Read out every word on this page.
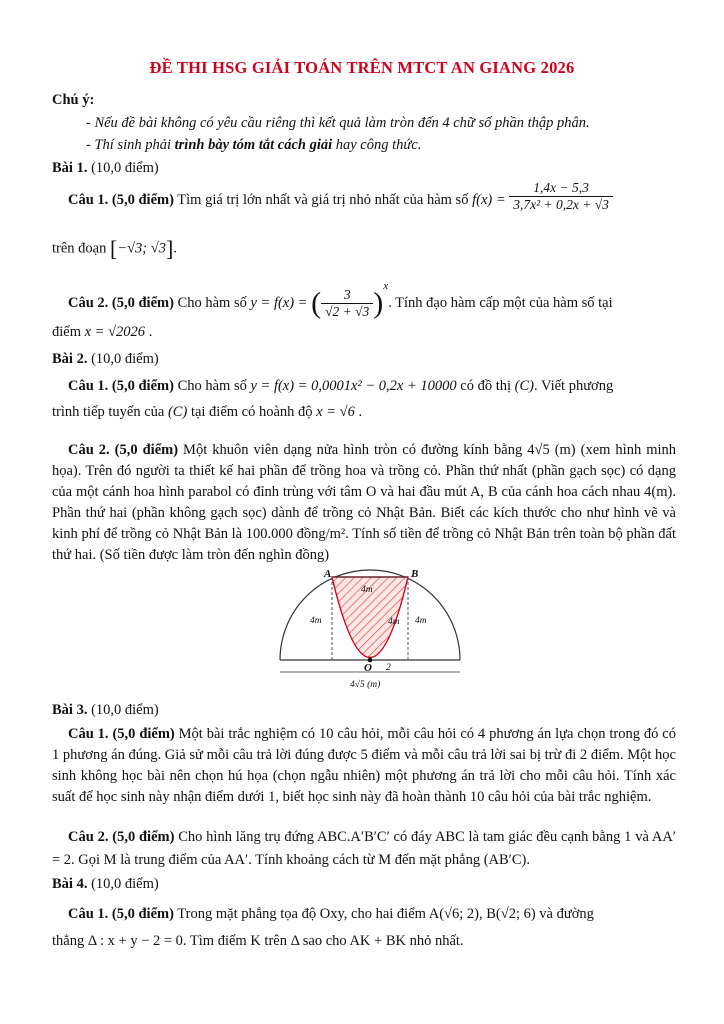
ĐỀ THI HSG GIẢI TOÁN TRÊN MTCT AN GIANG 2026
Chú ý:
- Nếu đề bài không có yêu cầu riêng thì kết quả làm tròn đến 4 chữ số phần thập phân.
- Thí sinh phải trình bày tóm tắt cách giải hay công thức.
Bài 1. (10,0 điểm)
Câu 1. (5,0 điểm) Tìm giá trị lớn nhất và giá trị nhỏ nhất của hàm số $f(x) = \frac{1,4x - 5,3}{\text{3,7x² + 0,2x + √3}}$
trên đoạn [−√3; √3].
Câu 2. (5,0 điểm) Cho hàm số y = f(x) = ( $\frac{3}{√2 + √3} )^x$. Tính đạo hàm cấp một của hàm số tại
điểm x = √2026 .
Bài 2. (10,0 điểm)
Câu 1. (5,0 điểm) Cho hàm số y = f(x) = 0,0001x² − 0,2x + 10000 có đồ thị (C). Viết phương
trình tiếp tuyến của (C) tại điểm có hoành độ x = √6 .
Câu 2. (5,0 điểm) Một khuôn viên dạng nửa hình tròn có đường kính bằng 4√5 (m) (xem hình minh họa). Trên đó người ta thiết kế hai phần để trồng hoa và trồng cỏ. Phần thứ nhất (phần gạch sọc) có dạng của một cánh hoa hình parabol có đỉnh trùng với tâm O và hai đầu mút A, B của cánh hoa cách nhau 4(m). Phần thứ hai (phần không gạch sọc) dành để trồng cỏ Nhật Bản. Biết các kích thước cho như hình vẽ và kinh phí để trồng cỏ Nhật Bản là 100.000 đồng/m². Tính số tiền để trồng cỏ Nhật Bản trên toàn bộ phần đất thứ hai. (Số tiền được làm tròn đến nghìn đồng)
A	B
O
4m
4m
4m	4m
2
4√5 (m)
Bài 3. (10,0 điểm)
Câu 1. (5,0 điểm) Một bài trắc nghiệm có 10 câu hỏi, mỗi câu hỏi có 4 phương án lựa chọn trong đó có 1 phương án đúng. Giả sử mỗi câu trả lời đúng được 5 điểm và mỗi câu trả lời sai bị trừ đi 2 điểm. Một học sinh không học bài nên chọn hú họa (chọn ngẫu nhiên) một phương án trả lời cho mỗi câu hỏi. Tính xác suất để học sinh này nhận điểm dưới 1, biết học sinh này đã hoàn thành 10 câu hỏi của bài trắc nghiệm.
Câu 2. (5,0 điểm) Cho hình lăng trụ đứng ABC.A′B′C′ có đáy ABC là tam giác đều cạnh bằng 1 và AA′ = 2. Gọi M là trung điểm của AA′. Tính khoảng cách từ M đến mặt phẳng (AB′C).
Bài 4. (10,0 điểm)
Câu 1. (5,0 điểm) Trong mặt phẳng tọa độ Oxy, cho hai điểm A(√6; 2), B(√2; 6) và đường
thẳng Δ : x + y − 2 = 0. Tìm điểm K trên Δ sao cho AK + BK nhỏ nhất.
